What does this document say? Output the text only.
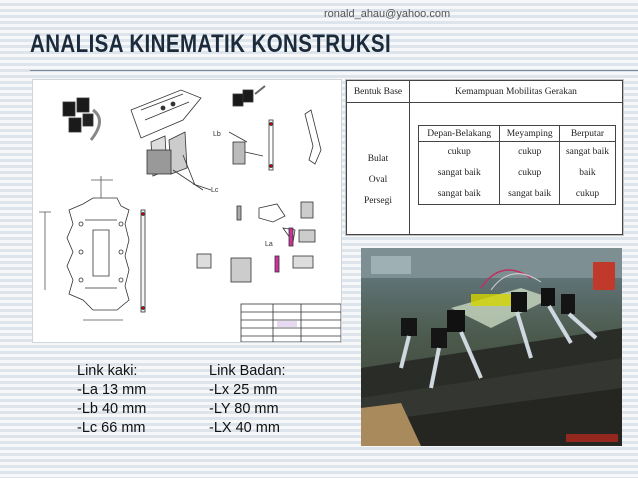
ronald_ahau@yahoo.com
ANALISA KINEMATIK KONSTRUKSI
Lb
Lc
La
Bentuk Base	Kemampuan Mobilitas Gerakan

Bulat
Oval
Persegi

Depan-Belakang	Meyamping	Berputar
cukup	cukup	sangat baik
sangat baik	cukup	baik
sangat baik	sangat baik	cukup
Link kaki:
-La 13 mm
-Lb 40 mm
-Lc 66 mm
Link Badan:
-Lx 25 mm
-LY 80 mm
-LX 40 mm
